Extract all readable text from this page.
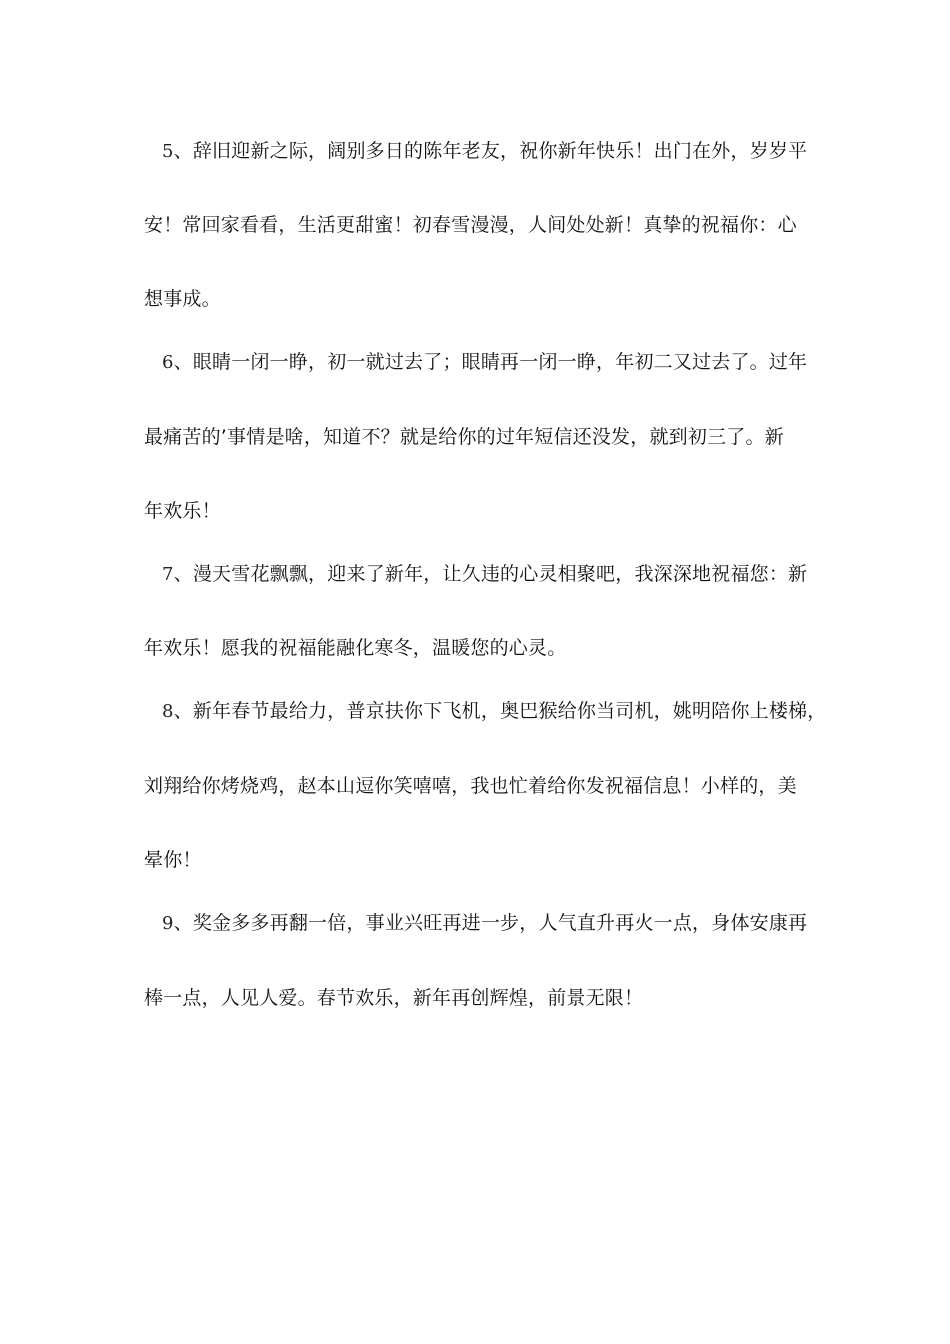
5、辞旧迎新之际，阔别多日的陈年老友，祝你新年快乐！出门在外，岁岁平
安！常回家看看，生活更甜蜜！初春雪漫漫，人间处处新！真挚的祝福你：心
想事成。
6、眼睛一闭一睁，初一就过去了；眼睛再一闭一睁，年初二又过去了。过年
最痛苦的’事情是啥，知道不？就是给你的过年短信还没发，就到初三了。新
年欢乐！
7、漫天雪花飘飘，迎来了新年，让久违的心灵相聚吧，我深深地祝福您：新
年欢乐！愿我的祝福能融化寒冬，温暖您的心灵。
8、新年春节最给力，普京扶你下飞机，奥巴猴给你当司机，姚明陪你上楼梯，
刘翔给你烤烧鸡，赵本山逗你笑嘻嘻，我也忙着给你发祝福信息！小样的，美
晕你！
9、奖金多多再翻一倍，事业兴旺再进一步，人气直升再火一点，身体安康再
棒一点，人见人爱。春节欢乐，新年再创辉煌，前景无限！
